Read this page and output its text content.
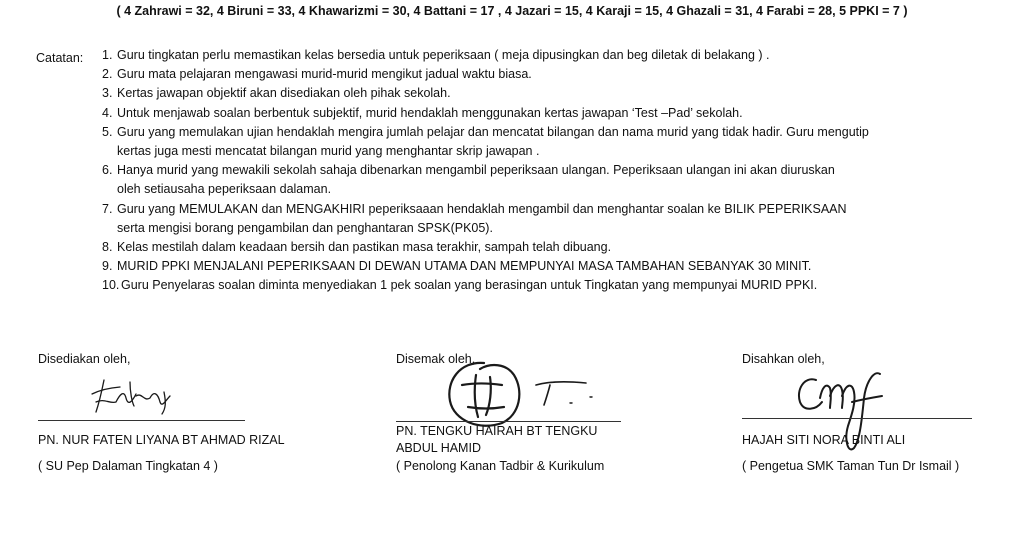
( 4 Zahrawi = 32, 4 Biruni = 33, 4 Khawarizmi = 30, 4 Battani = 17 , 4 Jazari = 15, 4 Karaji = 15, 4 Ghazali = 31, 4 Farabi = 28, 5 PPKI = 7 )
Catatan: 1. Guru tingkatan perlu memastikan kelas bersedia untuk peperiksaan ( meja dipusingkan dan beg diletak di belakang ) .
2. Guru mata pelajaran mengawasi murid-murid mengikut jadual waktu biasa.
3. Kertas jawapan objektif akan disediakan oleh pihak sekolah.
4. Untuk menjawab soalan berbentuk subjektif, murid hendaklah menggunakan kertas jawapan ‘Test –Pad’ sekolah.
5. Guru yang memulakan ujian hendaklah mengira jumlah pelajar dan mencatat bilangan dan nama murid yang tidak hadir. Guru mengutip
kertas juga mesti mencatat bilangan murid yang menghantar skrip jawapan .
6. Hanya murid yang mewakili sekolah sahaja dibenarkan mengambil peperiksaan ulangan. Peperiksaan ulangan ini akan diuruskan
oleh setiausaha peperiksaan dalaman.
7. Guru yang MEMULAKAN dan MENGAKHIRI peperiksaaan hendaklah mengambil dan menghantar soalan ke BILIK PEPERIKSAAN
serta mengisi borang pengambilan dan penghantaran SPSK(PK05).
8. Kelas mestilah dalam keadaan bersih dan pastikan masa terakhir, sampah telah dibuang.
9. MURID PPKI MENJALANI PEPERIKSAAN DI DEWAN UTAMA DAN MEMPUNYAI MASA TAMBAHAN SEBANYAK 30 MINIT.
10. Guru Penyelaras soalan diminta menyediakan 1 pek soalan yang berasingan untuk Tingkatan yang mempunyai MURID PPKI.
Disediakan oleh,
PN. NUR FATEN LIYANA BT AHMAD RIZAL
( SU Pep Dalaman Tingkatan 4 )
Disemak oleh,
PN. TENGKU HAIRAH BT TENGKU
ABDUL HAMID
( Penolong Kanan Tadbir & Kurikulum
Disahkan oleh,
HAJAH SITI NORA BINTI ALI
( Pengetua SMK Taman Tun Dr Ismail )
